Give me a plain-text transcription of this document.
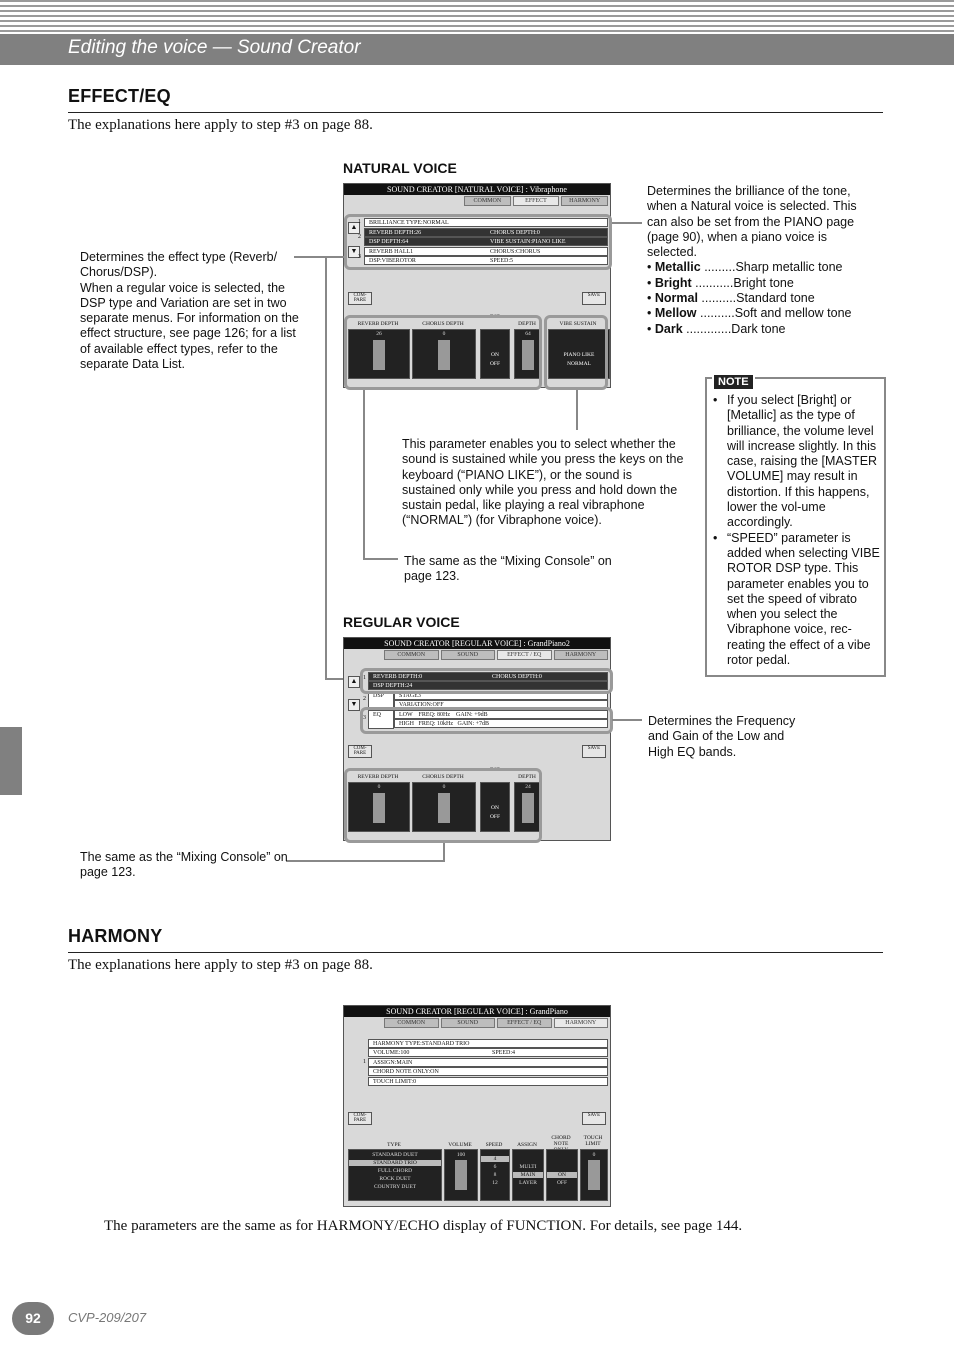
Editing the voice — Sound Creator
EFFECT/EQ
The explanations here apply to step #3 on page 88.
NATURAL VOICE
SOUND CREATOR [NATURAL VOICE] : Vibraphone
COMMON	EFFECT	HARMONY
▲
▼
1
2
3
BRILLIANCE TYPE:NORMAL
REVERB DEPTH:26	CHORUS DEPTH:0
DSP DEPTH:64	VIBE SUSTAIN:PIANO LIKE
REVERB HALL1	CHORUS:CHORUS
DSP:VIBEROTOR	SPEED:5
COM-PARE
SAVE
REVERB DEPTH	CHORUS DEPTH
DSP
DEPTH	VIBE SUSTAIN
26	0
ON
OFF
64
PIANO LIKE
NORMAL

Determines the effect type (Reverb/ Chorus/DSP).

When a regular voice is selected, the DSP type and Variation are set in two separate menus. For information on the effect structure, see page 126; for a list of available effect types, refer to the separate Data List.

Determines the brilliance of the tone, when a Natural voice is selected. This can also be set from the PIANO page (page 90), when a piano voice is selected.

• Metallic .........Sharp metallic tone
• Bright ...........Bright tone
• Normal ..........Standard tone
• Mellow ..........Soft and mellow tone
• Dark .............Dark tone
This parameter enables you to select whether the sound is sustained while you press the keys on the keyboard (“PIANO LIKE”), or the sound is sustained only while you press and hold down the sustain pedal, like playing a real vibraphone (“NORMAL”) (for Vibraphone voice).
The same as the “Mixing Console” on page 123.
• If you select [Bright] or [Metallic] as the type of brilliance, the volume level will increase slightly. In this case, raising the [MASTER VOLUME] may result in distortion. If this happens, lower the vol-ume accordingly.
• “SPEED” parameter is added when selecting VIBE ROTOR DSP type. This parameter enables you to set the speed of vibrato when you select the Vibraphone voice, rec-reating the effect of a vibe rotor pedal.
NOTE
REGULAR VOICE
SOUND CREATOR [REGULAR VOICE] : GrandPiano2
COMMON	SOUND	EFFECT / EQ	HARMONY
▲
▼
1
2
3
REVERB DEPTH:0	CHORUS DEPTH:0
DSP DEPTH:24
DSP	STAGE3
VARIATION:OFF
EQ	LOW    FREQ: 80Hz    GAIN: +9dB
HIGH   FREQ: 10kHz   GAIN: +7dB
COM-PARE
SAVE
REVERB DEPTH	CHORUS DEPTH
DSP
DEPTH
0	0
ON
OFF
24
Determines the Frequency and Gain of the Low and High EQ bands.
The same as the “Mixing Console” on page 123.
HARMONY
The explanations here apply to step #3 on page 88.
SOUND CREATOR [REGULAR VOICE] : GrandPiano
COMMON	SOUND	EFFECT / EQ	HARMONY
1
HARMONY TYPE:STANDARD TRIO
VOLUME:100	SPEED:4
ASSIGN:MAIN
CHORD NOTE ONLY:ON
TOUCH LIMIT:0
COM-PARE
SAVE
TYPE	VOLUME	SPEED	ASSIGN
CHORD NOTE
TOUCH LIMIT
STANDARD DUET
STANDARD TRIO
FULL CHORD
ROCK DUET
COUNTRY DUET
100
4
6
8
12
MULTI
MAIN
LAYER
ON
OFF
0
The parameters are the same as for HARMONY/ECHO display of FUNCTION. For details, see page 144.
92	CVP-209/207
